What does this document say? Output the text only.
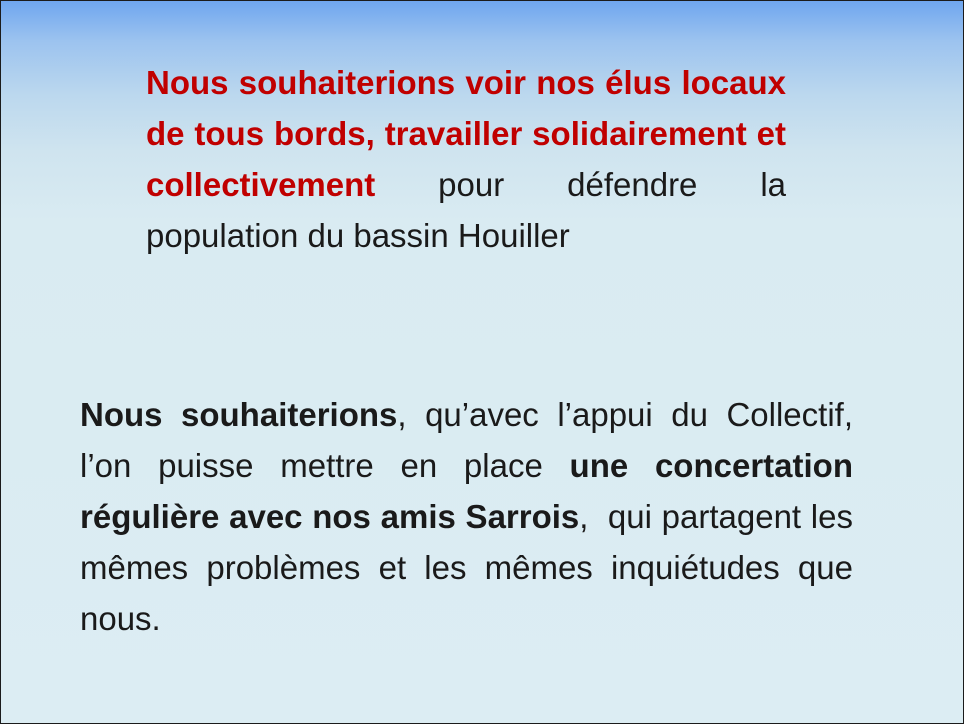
Nous souhaiterions voir nos élus locaux de tous bords, travailler solidairement et collectivement pour défendre la population du bassin Houiller

Nous souhaiterions, qu’avec l’appui du Collectif, l’on puisse mettre en place une concertation régulière avec nos amis Sarrois,  qui partagent les mêmes problèmes et les mêmes inquiétudes que nous.
